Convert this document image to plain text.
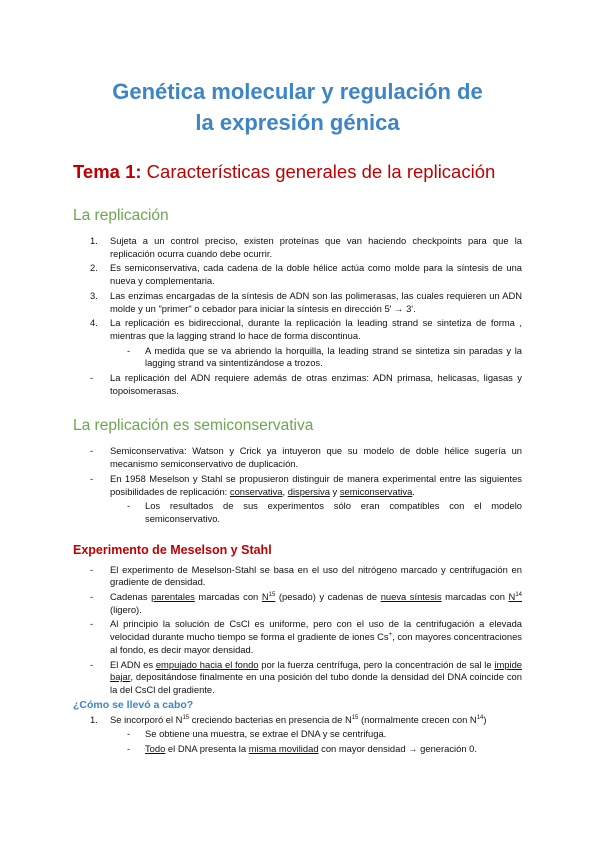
Genética molecular y regulación de
la expresión génica

Tema 1: Características generales de la replicación

La replicación
1. Sujeta a un control preciso, existen proteínas que van haciendo checkpoints para que la replicación ocurra cuando debe ocurrir.
2. Es semiconservativa, cada cadena de la doble hélice actúa como molde para la síntesis de una nueva y complementaria.
3. Las enzimas encargadas de la síntesis de ADN son las polimerasas, las cuales requieren un ADN molde y un "primer" o cebador para iniciar la síntesis en dirección 5' → 3'.
4. La replicación es bidireccional, durante la replicación la leading strand se sintetiza de forma , mientras que la lagging strand lo hace de forma discontinua.
- A medida que se va abriendo la horquilla, la leading strand se sintetiza sin paradas y la lagging strand va sintentizándose a trozos.
- La replicación del ADN requiere además de otras enzimas: ADN primasa, helicasas, ligasas y topoisomerasas.
La replicación es semiconservativa
- Semiconservativa: Watson y Crick ya intuyeron que su modelo de doble hélice sugería un mecanismo semiconservativo de duplicación.
- En 1958 Meselson y Stahl se propusieron distinguir de manera experimental entre las siguientes posibilidades de replicación: conservativa, dispersiva y semiconservativa.
- Los resultados de sus experimentos sólo eran compatibles con el modelo semiconservativo.
Experimento de Meselson y Stahl
- El experimento de Meselson-Stahl se basa en el uso del nitrógeno marcado y centrifugación en gradiente de densidad.
- Cadenas parentales marcadas con $N^{15}$ (pesado) y cadenas de nueva síntesis marcadas con $N^{14}$ (ligero).
- Al principio la solución de CsCl es uniforme, pero con el uso de la centrifugación a elevada velocidad durante mucho tiempo se forma el gradiente de iones Cs+, con mayores concentraciones al fondo, es decir mayor densidad.
- El ADN es empujado hacia el fondo por la fuerza centrífuga, pero la concentración de sal le impide bajar, depositándose finalmente en una posición del tubo donde la densidad del DNA coincide con la del CsCl del gradiente.
¿Cómo se llevó a cabo?
1. Se incorporó el $N^{15}$ creciendo bacterias en presencia de $N^{15}$ (normalmente crecen con $N^{14}$)
- Se obtiene una muestra, se extrae el DNA y se centrifuga.
- Todo el DNA presenta la misma movilidad con mayor densidad → generación 0.
